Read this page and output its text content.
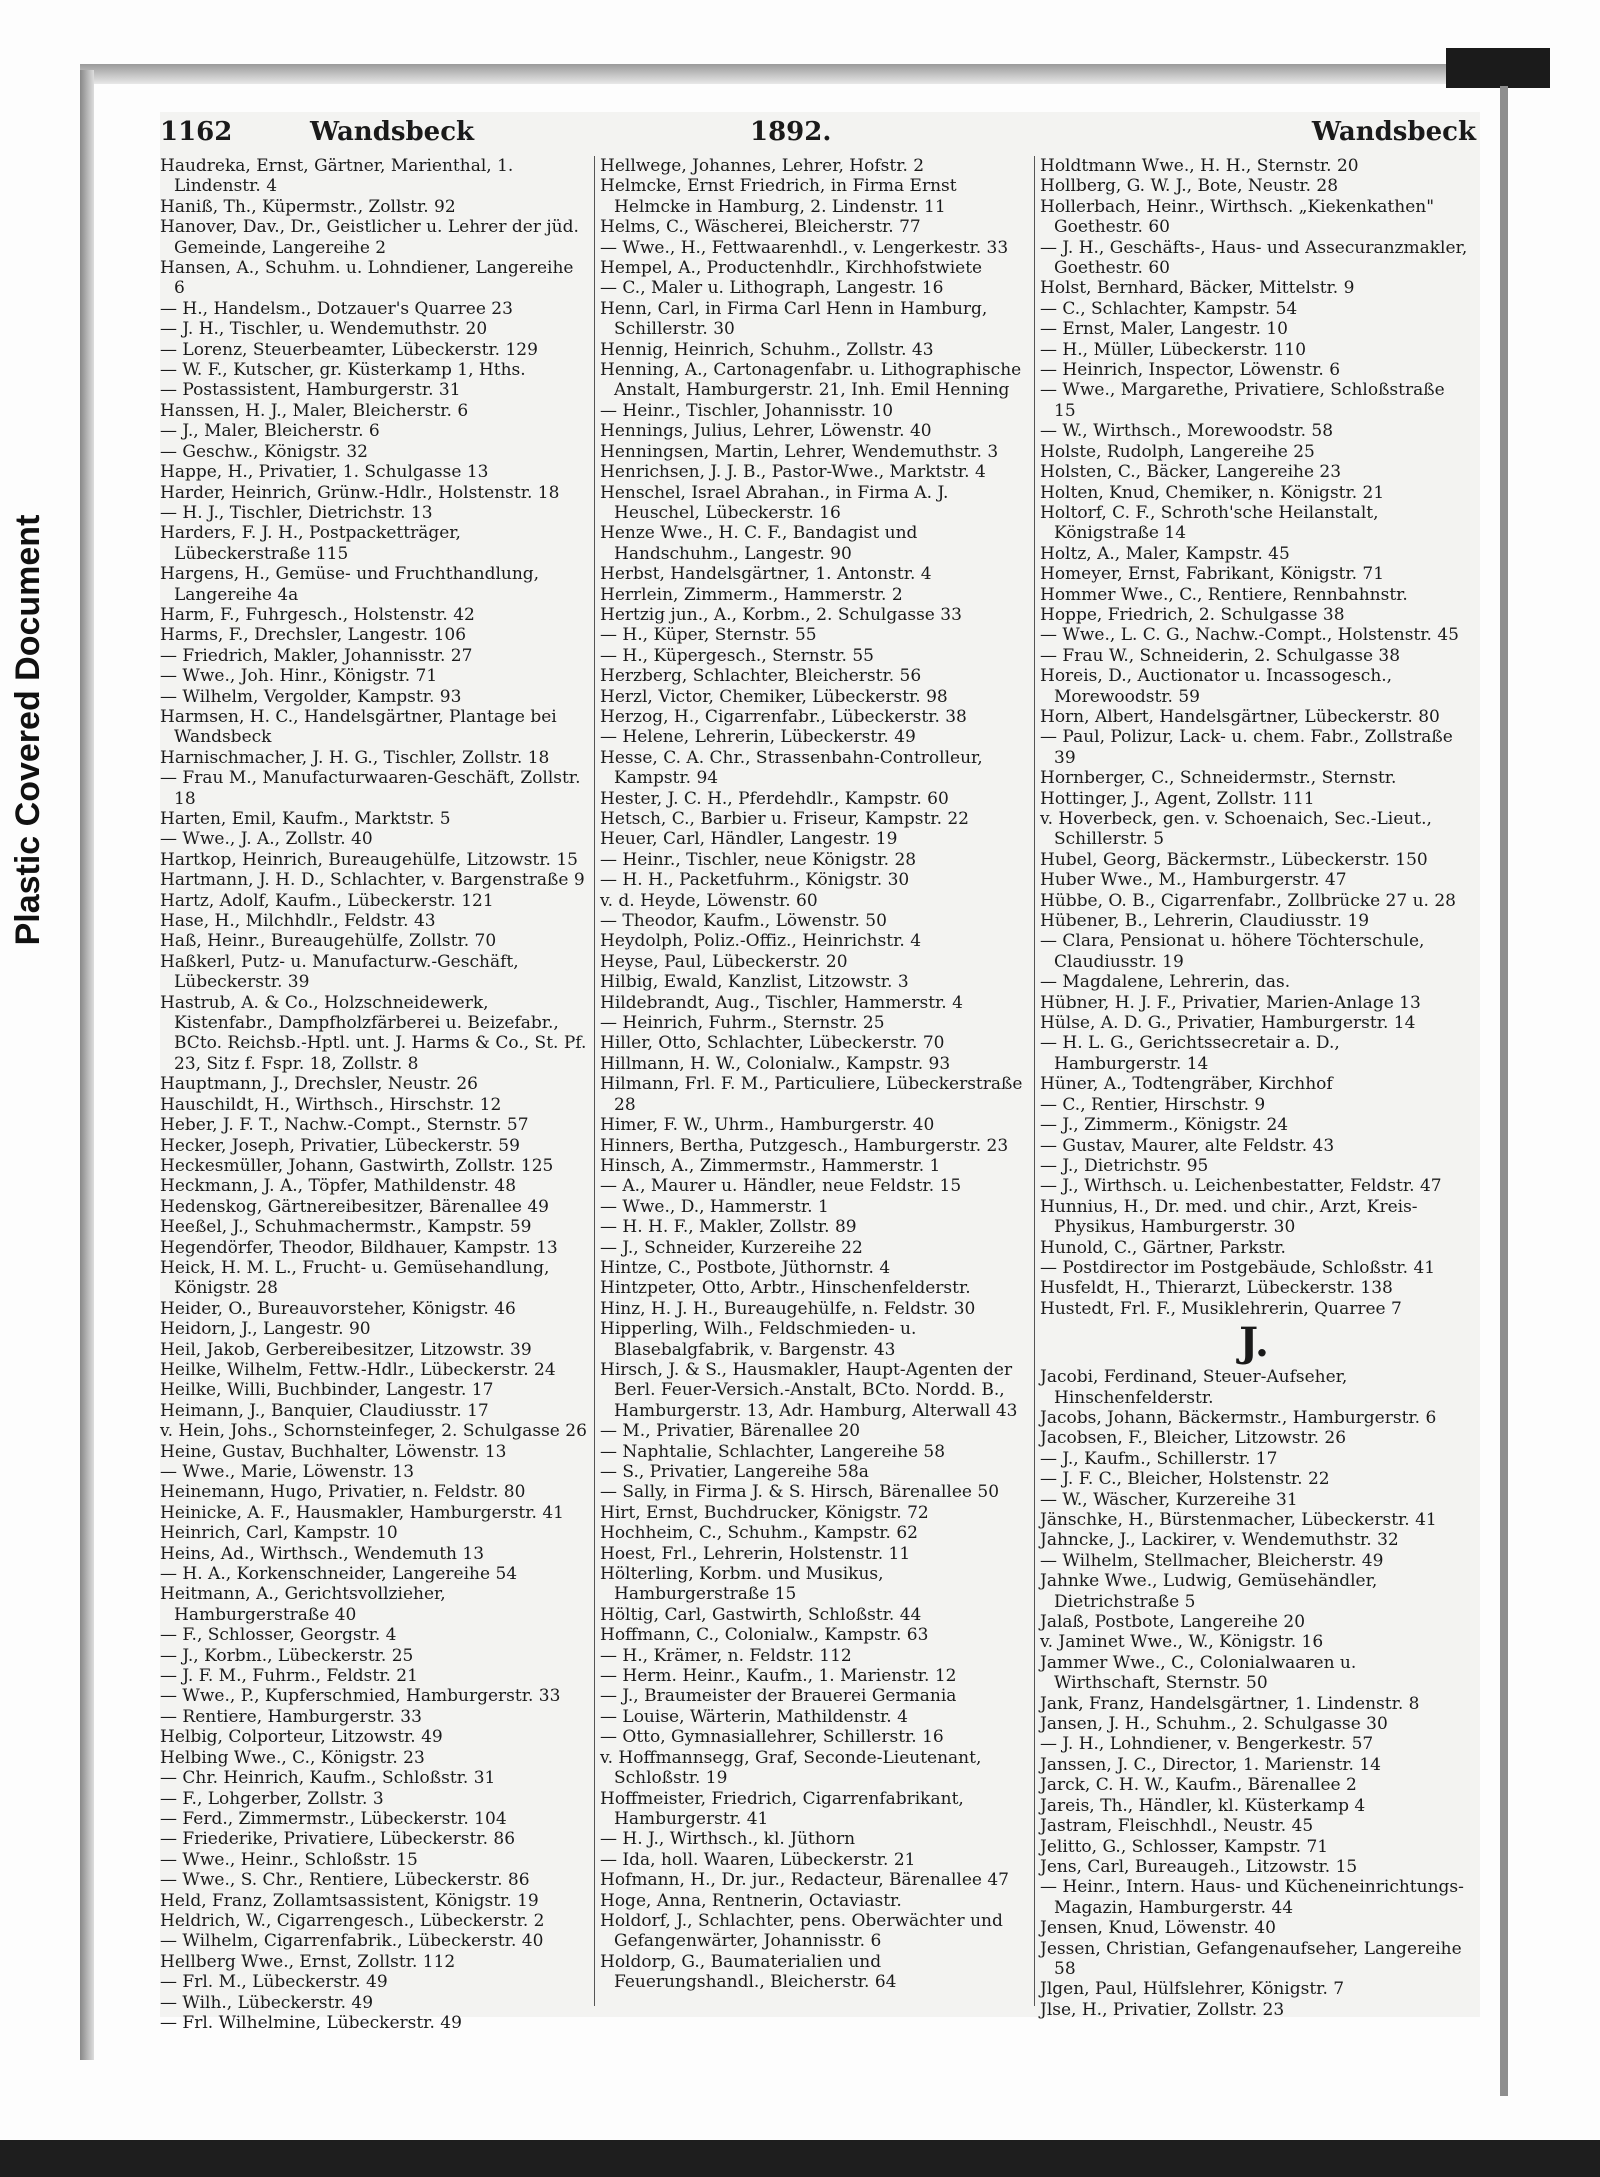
Plastic Covered Document
1162	Wandsbeck	1892.	Wandsbeck
Haudreka, Ernst, Gärtner, Marienthal, 1. Lindenstr. 4
Haniß, Th., Küpermstr., Zollstr. 92
Hanover, Dav., Dr., Geistlicher u. Lehrer der jüd. Gemeinde, Langereihe 2
Hansen, A., Schuhm. u. Lohndiener, Langereihe 6
— H., Handelsm., Dotzauer's Quarree 23
— J. H., Tischler, u. Wendemuthstr. 20
— Lorenz, Steuerbeamter, Lübeckerstr. 129
— W. F., Kutscher, gr. Küsterkamp 1, Hths.
— Postassistent, Hamburgerstr. 31
Hanssen, H. J., Maler, Bleicherstr. 6
— J., Maler, Bleicherstr. 6
— Geschw., Königstr. 32
Happe, H., Privatier, 1. Schulgasse 13
Harder, Heinrich, Grünw.-Hdlr., Holstenstr. 18
— H. J., Tischler, Dietrichstr. 13
Harders, F. J. H., Postpacketträger, Lübeckerstraße 115
Hargens, H., Gemüse- und Fruchthandlung, Langereihe 4a
Harm, F., Fuhrgesch., Holstenstr. 42
Harms, F., Drechsler, Langestr. 106
— Friedrich, Makler, Johannisstr. 27
— Wwe., Joh. Hinr., Königstr. 71
— Wilhelm, Vergolder, Kampstr. 93
Harmsen, H. C., Handelsgärtner, Plantage bei Wandsbeck
Harnischmacher, J. H. G., Tischler, Zollstr. 18
— Frau M., Manufacturwaaren-Geschäft, Zollstr. 18
Harten, Emil, Kaufm., Marktstr. 5
— Wwe., J. A., Zollstr. 40
Hartkop, Heinrich, Bureaugehülfe, Litzowstr. 15
Hartmann, J. H. D., Schlachter, v. Bargenstraße 9
Hartz, Adolf, Kaufm., Lübeckerstr. 121
Hase, H., Milchhdlr., Feldstr. 43
Haß, Heinr., Bureaugehülfe, Zollstr. 70
Haßkerl, Putz- u. Manufacturw.-Geschäft, Lübeckerstr. 39
Hastrub, A. & Co., Holzschneidewerk, Kistenfabr., Dampfholzfärberei u. Beizefabr., BCto. Reichsb.-Hptl. unt. J. Harms & Co., St. Pf. 23, Sitz f. Fspr. 18, Zollstr. 8
Hauptmann, J., Drechsler, Neustr. 26
Hauschildt, H., Wirthsch., Hirschstr. 12
Heber, J. F. T., Nachw.-Compt., Sternstr. 57
Hecker, Joseph, Privatier, Lübeckerstr. 59
Heckesmüller, Johann, Gastwirth, Zollstr. 125
Heckmann, J. A., Töpfer, Mathildenstr. 48
Hedenskog, Gärtnereibesitzer, Bärenallee 49
Heeßel, J., Schuhmachermstr., Kampstr. 59
Hegendörfer, Theodor, Bildhauer, Kampstr. 13
Heick, H. M. L., Frucht- u. Gemüsehandlung, Königstr. 28
Heider, O., Bureauvorsteher, Königstr. 46
Heidorn, J., Langestr. 90
Heil, Jakob, Gerbereibesitzer, Litzowstr. 39
Heilke, Wilhelm, Fettw.-Hdlr., Lübeckerstr. 24
Heilke, Willi, Buchbinder, Langestr. 17
Heimann, J., Banquier, Claudiusstr. 17
v. Hein, Johs., Schornsteinfeger, 2. Schulgasse 26
Heine, Gustav, Buchhalter, Löwenstr. 13
— Wwe., Marie, Löwenstr. 13
Heinemann, Hugo, Privatier, n. Feldstr. 80
Heinicke, A. F., Hausmakler, Hamburgerstr. 41
Heinrich, Carl, Kampstr. 10
Heins, Ad., Wirthsch., Wendemuth 13
— H. A., Korkenschneider, Langereihe 54
Heitmann, A., Gerichtsvollzieher, Hamburgerstraße 40
— F., Schlosser, Georgstr. 4
— J., Korbm., Lübeckerstr. 25
— J. F. M., Fuhrm., Feldstr. 21
— Wwe., P., Kupferschmied, Hamburgerstr. 33
— Rentiere, Hamburgerstr. 33
Helbig, Colporteur, Litzowstr. 49
Helbing Wwe., C., Königstr. 23
— Chr. Heinrich, Kaufm., Schloßstr. 31
— F., Lohgerber, Zollstr. 3
— Ferd., Zimmermstr., Lübeckerstr. 104
— Friederike, Privatiere, Lübeckerstr. 86
— Wwe., Heinr., Schloßstr. 15
— Wwe., S. Chr., Rentiere, Lübeckerstr. 86
Held, Franz, Zollamtsassistent, Königstr. 19
Heldrich, W., Cigarrengesch., Lübeckerstr. 2
— Wilhelm, Cigarrenfabrik., Lübeckerstr. 40
Hellberg Wwe., Ernst, Zollstr. 112
— Frl. M., Lübeckerstr. 49
— Wilh., Lübeckerstr. 49
— Frl. Wilhelmine, Lübeckerstr. 49
Hellwege, Johannes, Lehrer, Hofstr. 2
Helmcke, Ernst Friedrich, in Firma Ernst Helmcke in Hamburg, 2. Lindenstr. 11
Helms, C., Wäscherei, Bleicherstr. 77
— Wwe., H., Fettwaarenhdl., v. Lengerkestr. 33
Hempel, A., Productenhdlr., Kirchhofstwiete
— C., Maler u. Lithograph, Langestr. 16
Henn, Carl, in Firma Carl Henn in Hamburg, Schillerstr. 30
Hennig, Heinrich, Schuhm., Zollstr. 43
Henning, A., Cartonagenfabr. u. Lithographische Anstalt, Hamburgerstr. 21, Inh. Emil Henning
— Heinr., Tischler, Johannisstr. 10
Hennings, Julius, Lehrer, Löwenstr. 40
Henningsen, Martin, Lehrer, Wendemuthstr. 3
Henrichsen, J. J. B., Pastor-Wwe., Marktstr. 4
Henschel, Israel Abrahan., in Firma A. J. Heuschel, Lübeckerstr. 16
Henze Wwe., H. C. F., Bandagist und Handschuhm., Langestr. 90
Herbst, Handelsgärtner, 1. Antonstr. 4
Herrlein, Zimmerm., Hammerstr. 2
Hertzig jun., A., Korbm., 2. Schulgasse 33
— H., Küper, Sternstr. 55
— H., Küpergesch., Sternstr. 55
Herzberg, Schlachter, Bleicherstr. 56
Herzl, Victor, Chemiker, Lübeckerstr. 98
Herzog, H., Cigarrenfabr., Lübeckerstr. 38
— Helene, Lehrerin, Lübeckerstr. 49
Hesse, C. A. Chr., Strassenbahn-Controlleur, Kampstr. 94
Hester, J. C. H., Pferdehdlr., Kampstr. 60
Hetsch, C., Barbier u. Friseur, Kampstr. 22
Heuer, Carl, Händler, Langestr. 19
— Heinr., Tischler, neue Königstr. 28
— H. H., Packetfuhrm., Königstr. 30
v. d. Heyde, Löwenstr. 60
— Theodor, Kaufm., Löwenstr. 50
Heydolph, Poliz.-Offiz., Heinrichstr. 4
Heyse, Paul, Lübeckerstr. 20
Hilbig, Ewald, Kanzlist, Litzowstr. 3
Hildebrandt, Aug., Tischler, Hammerstr. 4
— Heinrich, Fuhrm., Sternstr. 25
Hiller, Otto, Schlachter, Lübeckerstr. 70
Hillmann, H. W., Colonialw., Kampstr. 93
Hilmann, Frl. F. M., Particuliere, Lübeckerstraße 28
Himer, F. W., Uhrm., Hamburgerstr. 40
Hinners, Bertha, Putzgesch., Hamburgerstr. 23
Hinsch, A., Zimmermstr., Hammerstr. 1
— A., Maurer u. Händler, neue Feldstr. 15
— Wwe., D., Hammerstr. 1
— H. H. F., Makler, Zollstr. 89
— J., Schneider, Kurzereihe 22
Hintze, C., Postbote, Jüthornstr. 4
Hintzpeter, Otto, Arbtr., Hinschenfelderstr.
Hinz, H. J. H., Bureaugehülfe, n. Feldstr. 30
Hipperling, Wilh., Feldschmieden- u. Blasebalgfabrik, v. Bargenstr. 43
Hirsch, J. & S., Hausmakler, Haupt-Agenten der Berl. Feuer-Versich.-Anstalt, BCto. Nordd. B., Hamburgerstr. 13, Adr. Hamburg, Alterwall 43
— M., Privatier, Bärenallee 20
— Naphtalie, Schlachter, Langereihe 58
— S., Privatier, Langereihe 58a
— Sally, in Firma J. & S. Hirsch, Bärenallee 50
Hirt, Ernst, Buchdrucker, Königstr. 72
Hochheim, C., Schuhm., Kampstr. 62
Hoest, Frl., Lehrerin, Holstenstr. 11
Hölterling, Korbm. und Musikus, Hamburgerstraße 15
Höltig, Carl, Gastwirth, Schloßstr. 44
Hoffmann, C., Colonialw., Kampstr. 63
— H., Krämer, n. Feldstr. 112
— Herm. Heinr., Kaufm., 1. Marienstr. 12
— J., Braumeister der Brauerei Germania
— Louise, Wärterin, Mathildenstr. 4
— Otto, Gymnasiallehrer, Schillerstr. 16
v. Hoffmannsegg, Graf, Seconde-Lieutenant, Schloßstr. 19
Hoffmeister, Friedrich, Cigarrenfabrikant, Hamburgerstr. 41
— H. J., Wirthsch., kl. Jüthorn
— Ida, holl. Waaren, Lübeckerstr. 21
Hofmann, H., Dr. jur., Redacteur, Bärenallee 47
Hoge, Anna, Rentnerin, Octaviastr.
Holdorf, J., Schlachter, pens. Oberwächter und Gefangenwärter, Johannisstr. 6
Holdorp, G., Baumaterialien und Feuerungshandl., Bleicherstr. 64
Holdtmann Wwe., H. H., Sternstr. 20
Hollberg, G. W. J., Bote, Neustr. 28
Hollerbach, Heinr., Wirthsch. „Kiekenkathen" Goethestr. 60
— J. H., Geschäfts-, Haus- und Assecuranzmakler, Goethestr. 60
Holst, Bernhard, Bäcker, Mittelstr. 9
— C., Schlachter, Kampstr. 54
— Ernst, Maler, Langestr. 10
— H., Müller, Lübeckerstr. 110
— Heinrich, Inspector, Löwenstr. 6
— Wwe., Margarethe, Privatiere, Schloßstraße 15
— W., Wirthsch., Morewoodstr. 58
Holste, Rudolph, Langereihe 25
Holsten, C., Bäcker, Langereihe 23
Holten, Knud, Chemiker, n. Königstr. 21
Holtorf, C. F., Schroth'sche Heilanstalt, Königstraße 14
Holtz, A., Maler, Kampstr. 45
Homeyer, Ernst, Fabrikant, Königstr. 71
Hommer Wwe., C., Rentiere, Rennbahnstr.
Hoppe, Friedrich, 2. Schulgasse 38
— Wwe., L. C. G., Nachw.-Compt., Holstenstr. 45
— Frau W., Schneiderin, 2. Schulgasse 38
Horeis, D., Auctionator u. Incassogesch., Morewoodstr. 59
Horn, Albert, Handelsgärtner, Lübeckerstr. 80
— Paul, Polizur, Lack- u. chem. Fabr., Zollstraße 39
Hornberger, C., Schneidermstr., Sternstr.
Hottinger, J., Agent, Zollstr. 111
v. Hoverbeck, gen. v. Schoenaich, Sec.-Lieut., Schillerstr. 5
Hubel, Georg, Bäckermstr., Lübeckerstr. 150
Huber Wwe., M., Hamburgerstr. 47
Hübbe, O. B., Cigarrenfabr., Zollbrücke 27 u. 28
Hübener, B., Lehrerin, Claudiusstr. 19
— Clara, Pensionat u. höhere Töchterschule, Claudiusstr. 19
— Magdalene, Lehrerin, das.
Hübner, H. J. F., Privatier, Marien-Anlage 13
Hülse, A. D. G., Privatier, Hamburgerstr. 14
— H. L. G., Gerichtssecretair a. D., Hamburgerstr. 14
Hüner, A., Todtengräber, Kirchhof
— C., Rentier, Hirschstr. 9
— J., Zimmerm., Königstr. 24
— Gustav, Maurer, alte Feldstr. 43
— J., Dietrichstr. 95
— J., Wirthsch. u. Leichenbestatter, Feldstr. 47
Hunnius, H., Dr. med. und chir., Arzt, Kreis-Physikus, Hamburgerstr. 30
Hunold, C., Gärtner, Parkstr.
— Postdirector im Postgebäude, Schloßstr. 41
Husfeldt, H., Thierarzt, Lübeckerstr. 138
Hustedt, Frl. F., Musiklehrerin, Quarree 7
J.
Jacobi, Ferdinand, Steuer-Aufseher, Hinschenfelderstr.
Jacobs, Johann, Bäckermstr., Hamburgerstr. 6
Jacobsen, F., Bleicher, Litzowstr. 26
— J., Kaufm., Schillerstr. 17
— J. F. C., Bleicher, Holstenstr. 22
— W., Wäscher, Kurzereihe 31
Jänschke, H., Bürstenmacher, Lübeckerstr. 41
Jahncke, J., Lackirer, v. Wendemuthstr. 32
— Wilhelm, Stellmacher, Bleicherstr. 49
Jahnke Wwe., Ludwig, Gemüsehändler, Dietrichstraße 5
Jalaß, Postbote, Langereihe 20
v. Jaminet Wwe., W., Königstr. 16
Jammer Wwe., C., Colonialwaaren u. Wirthschaft, Sternstr. 50
Jank, Franz, Handelsgärtner, 1. Lindenstr. 8
Jansen, J. H., Schuhm., 2. Schulgasse 30
— J. H., Lohndiener, v. Bengerkestr. 57
Janssen, J. C., Director, 1. Marienstr. 14
Jarck, C. H. W., Kaufm., Bärenallee 2
Jareis, Th., Händler, kl. Küsterkamp 4
Jastram, Fleischhdl., Neustr. 45
Jelitto, G., Schlosser, Kampstr. 71
Jens, Carl, Bureaugeh., Litzowstr. 15
— Heinr., Intern. Haus- und Kücheneinrichtungs-Magazin, Hamburgerstr. 44
Jensen, Knud, Löwenstr. 40
Jessen, Christian, Gefangenaufseher, Langereihe 58
Jlgen, Paul, Hülfslehrer, Königstr. 7
Jlse, H., Privatier, Zollstr. 23
